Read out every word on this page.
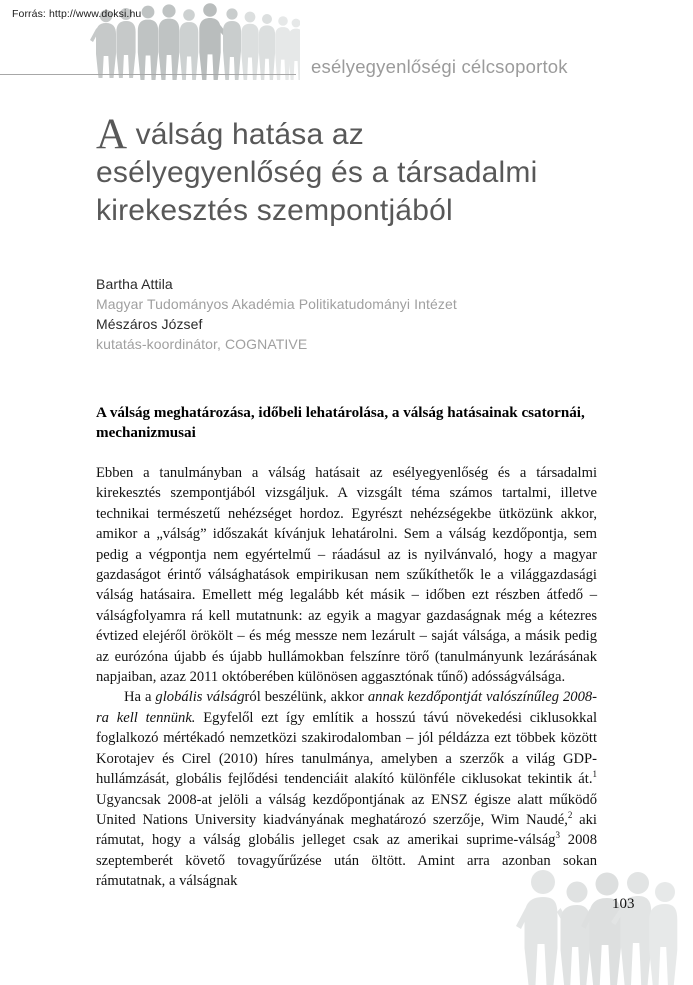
esélyegyenlőségi célcsoportok
Forrás: http://www.doksi.hu
A válság hatása az
esélyegyenlőség és a társadalmi
kirekesztés szempontjából
Bartha Attila
Magyar Tudományos Akadémia Politikatudományi Intézet
Mészáros József
kutatás-koordinátor, COGNATIVE
A válság meghatározása, időbeli lehatárolása, a válság hatásainak csatornái, mechanizmusai

Ebben a tanulmányban a válság hatásait az esélyegyenlőség és a társadalmi kirekesztés szempontjából vizsgáljuk. A vizsgált téma számos tartalmi, illetve technikai természetű nehézséget hordoz. Egyrészt nehézségekbe ütközünk akkor, amikor a „válság” időszakát kívánjuk lehatárolni. Sem a válság kezdőpontja, sem pedig a végpontja nem egyértelmű – ráadásul az is nyilvánvaló, hogy a magyar gazdaságot érintő válsághatások empirikusan nem szűkíthetők le a világgazdasági válság hatásaira. Emellett még legalább két másik – időben ezt részben átfedő – válságfolyamra rá kell mutatnunk: az egyik a magyar gazdaságnak még a kétezres évtized elejéről örökölt – és még messze nem lezárult – saját válsága, a másik pedig az eurózóna újabb és újabb hullámokban felszínre törő (tanulmányunk lezárásának napjaiban, azaz 2011 októberében különösen aggasztónak tűnő) adósságválsága.

Ha a globális válságról beszélünk, akkor annak kezdőpontját valószínűleg 2008-ra kell tennünk. Egyfelől ezt így említik a hosszú távú növekedési ciklusokkal foglalkozó mértékadó nemzetközi szakirodalomban – jól példázza ezt többek között Korotajev és Cirel (2010) híres tanulmánya, amelyben a szerzők a világ GDP-hullámzását, globális fejlődési tendenciáit alakító különféle ciklusokat tekintik át.$^1$ Ugyancsak 2008-at jelöli a válság kezdőpontjának az ENSZ égisze alatt működő United Nations University kiadványának meghatározó szerzője, Wim Naudé,$^2$ aki rámutat, hogy a válság globális jelleget csak az amerikai suprime-válság$^3$ 2008 szeptemberét követő tovagyűrűzése után öltött. Amint arra azonban sokan rámutatnak, a válságnak

103
